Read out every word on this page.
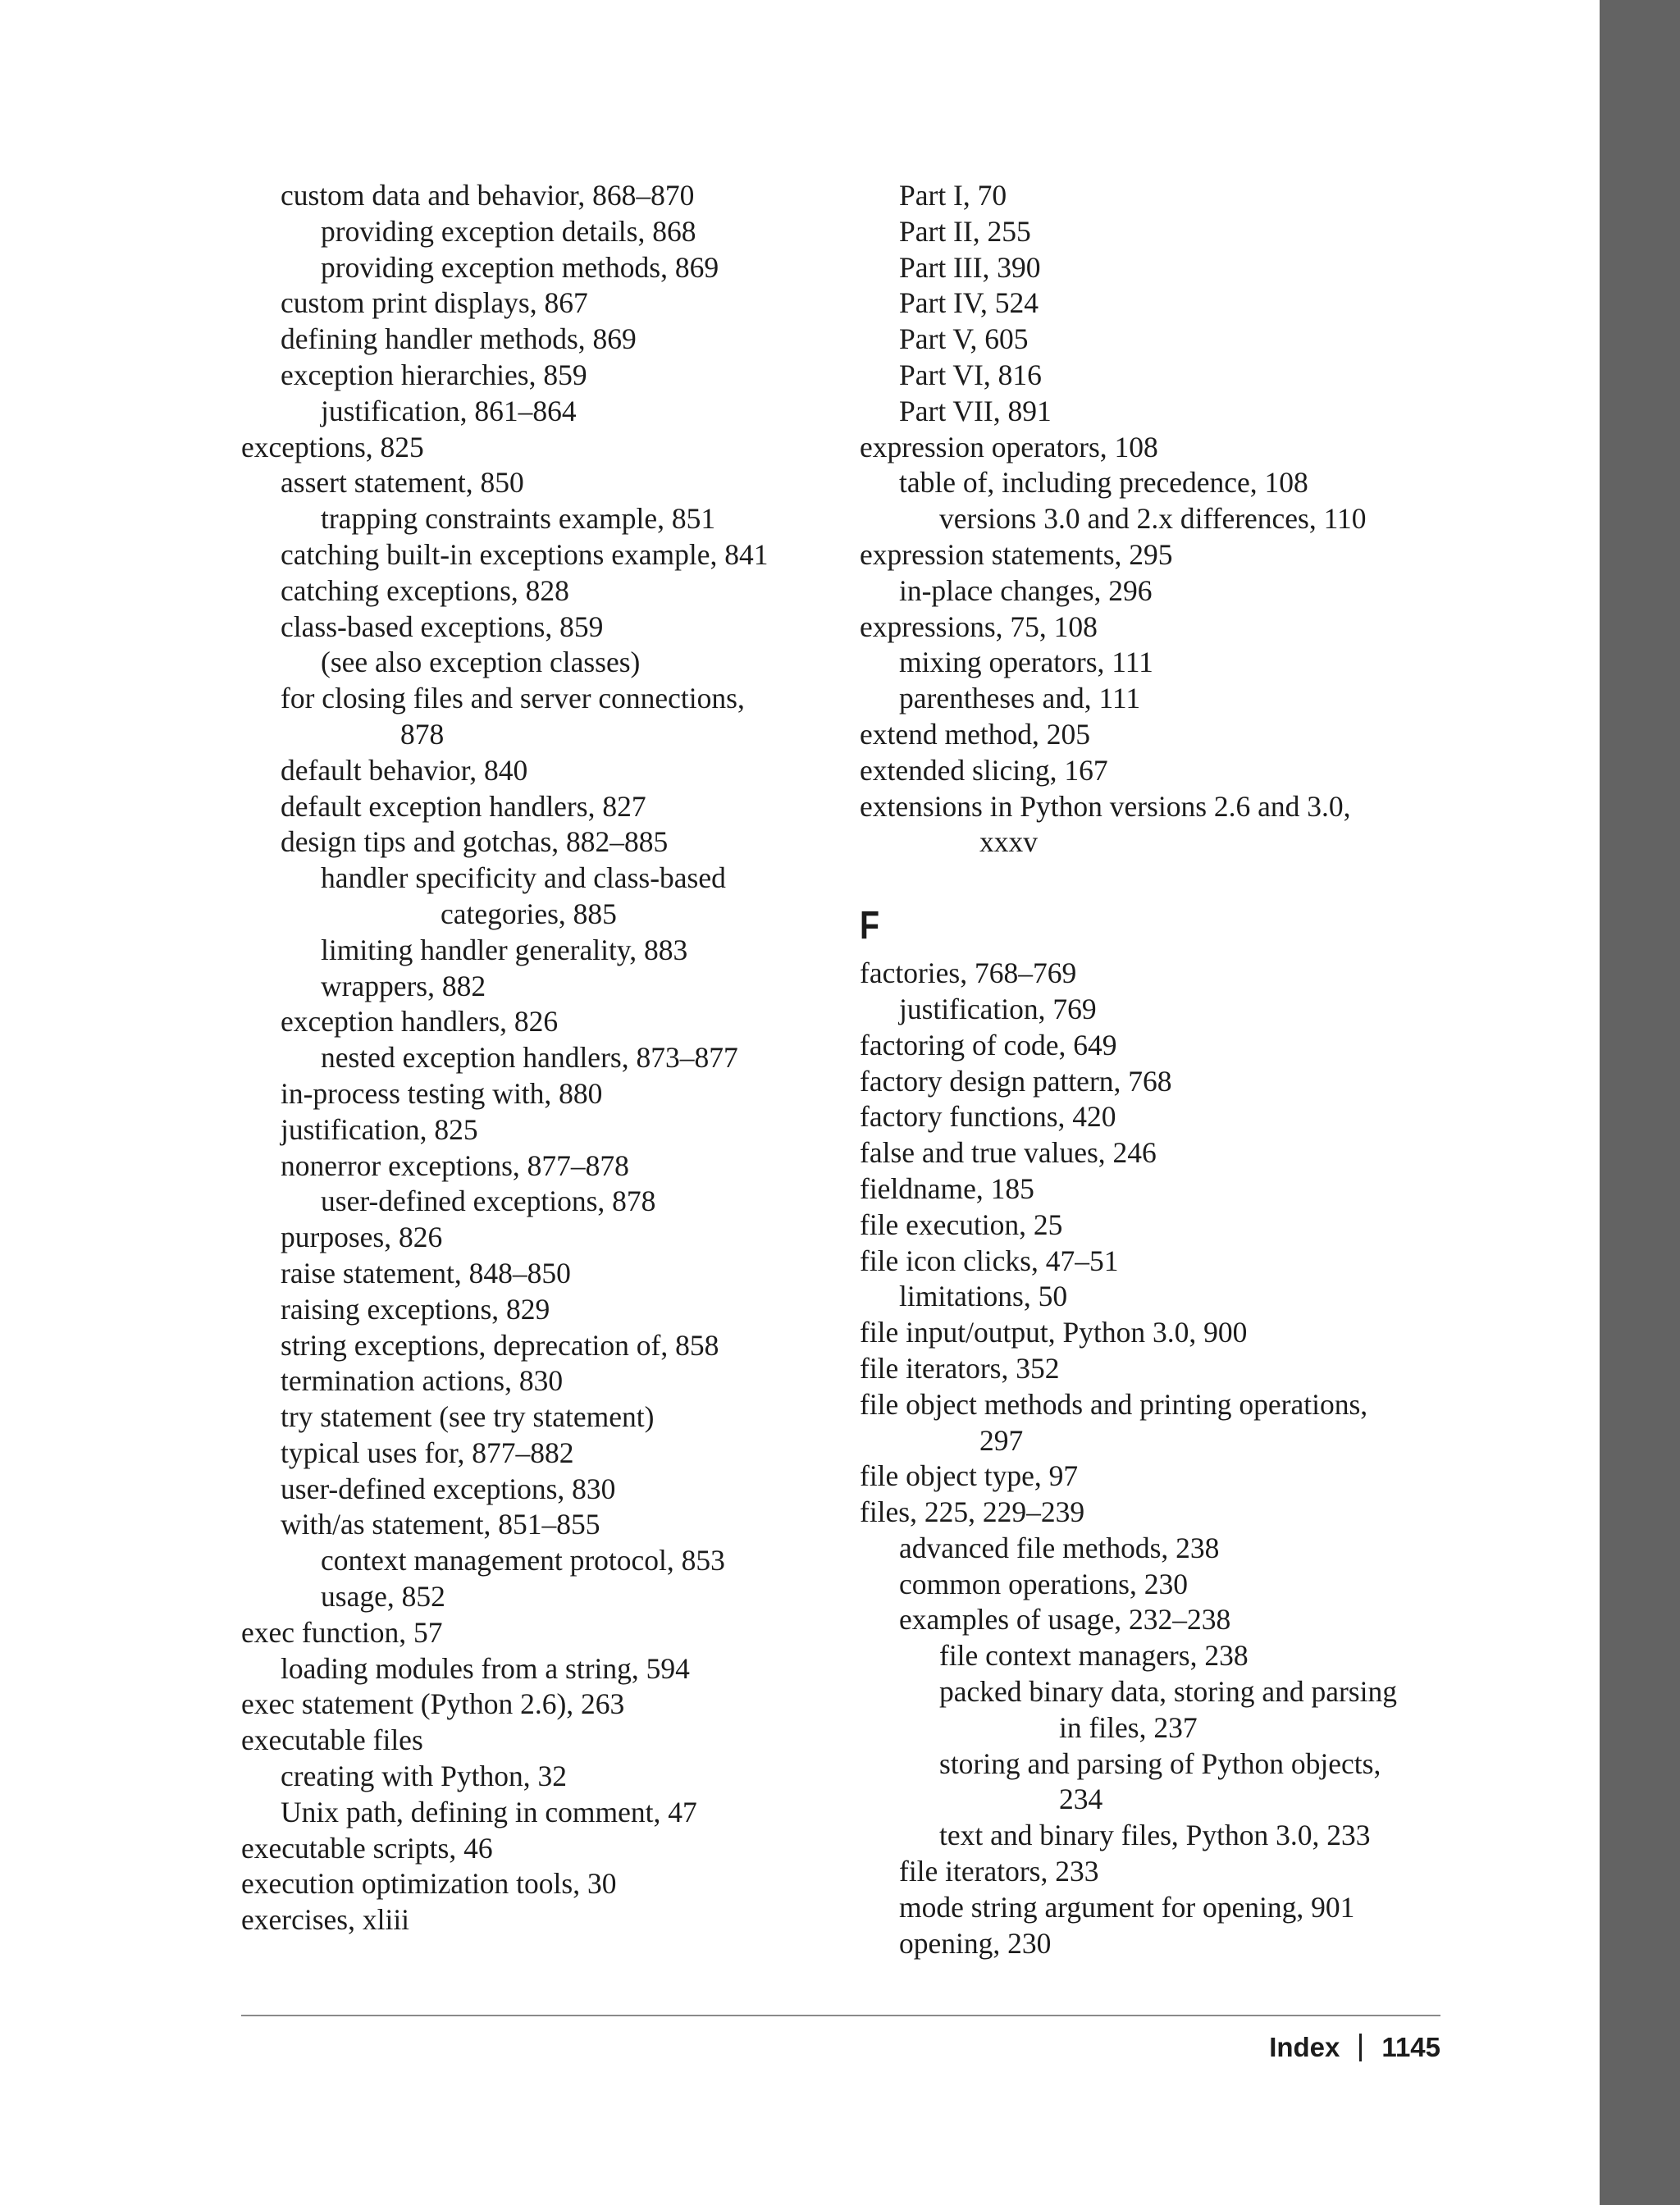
custom data and behavior, 868–870
providing exception details, 868
providing exception methods, 869
custom print displays, 867
defining handler methods, 869
exception hierarchies, 859
justification, 861–864
exceptions, 825
assert statement, 850
trapping constraints example, 851
catching built-in exceptions example, 841
catching exceptions, 828
class-based exceptions, 859
(see also exception classes)
for closing files and server connections,
878
default behavior, 840
default exception handlers, 827
design tips and gotchas, 882–885
handler specificity and class-based
categories, 885
limiting handler generality, 883
wrappers, 882
exception handlers, 826
nested exception handlers, 873–877
in-process testing with, 880
justification, 825
nonerror exceptions, 877–878
user-defined exceptions, 878
purposes, 826
raise statement, 848–850
raising exceptions, 829
string exceptions, deprecation of, 858
termination actions, 830
try statement (see try statement)
typical uses for, 877–882
user-defined exceptions, 830
with/as statement, 851–855
context management protocol, 853
usage, 852
exec function, 57
loading modules from a string, 594
exec statement (Python 2.6), 263
executable files
creating with Python, 32
Unix path, defining in comment, 47
executable scripts, 46
execution optimization tools, 30
exercises, xliii
Part I, 70
Part II, 255
Part III, 390
Part IV, 524
Part V, 605
Part VI, 816
Part VII, 891
expression operators, 108
table of, including precedence, 108
versions 3.0 and 2.x differences, 110
expression statements, 295
in-place changes, 296
expressions, 75, 108
mixing operators, 111
parentheses and, 111
extend method, 205
extended slicing, 167
extensions in Python versions 2.6 and 3.0,
xxxv
F
factories, 768–769
justification, 769
factoring of code, 649
factory design pattern, 768
factory functions, 420
false and true values, 246
fieldname, 185
file execution, 25
file icon clicks, 47–51
limitations, 50
file input/output, Python 3.0, 900
file iterators, 352
file object methods and printing operations,
297
file object type, 97
files, 225, 229–239
advanced file methods, 238
common operations, 230
examples of usage, 232–238
file context managers, 238
packed binary data, storing and parsing
in files, 237
storing and parsing of Python objects,
234
text and binary files, Python 3.0, 233
file iterators, 233
mode string argument for opening, 901
opening, 230
Index 1145
